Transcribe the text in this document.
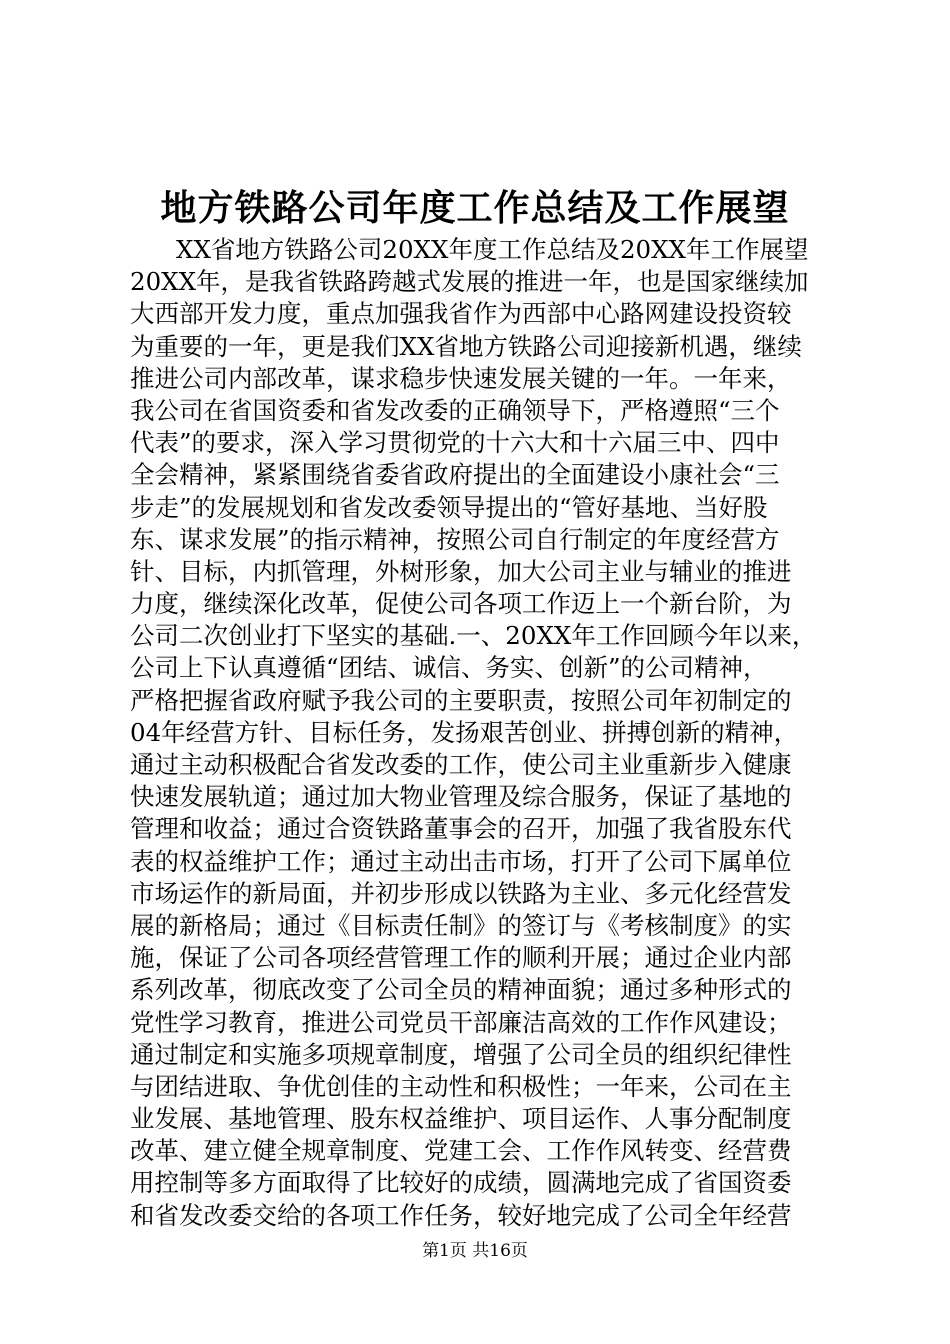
地方铁路公司年度工作总结及工作展望
XX省地方铁路公司20XX年度工作总结及20XX年工作展望
20XX年，是我省铁路跨越式发展的推进一年，也是国家继续加
大西部开发力度，重点加强我省作为西部中心路网建设投资较
为重要的一年，更是我们XX省地方铁路公司迎接新机遇，继续
推进公司内部改革，谋求稳步快速发展关键的一年。一年来，
我公司在省国资委和省发改委的正确领导下，严格遵照“三个
代表”的要求，深入学习贯彻党的十六大和十六届三中、四中
全会精神，紧紧围绕省委省政府提出的全面建设小康社会“三
步走”的发展规划和省发改委领导提出的“管好基地、当好股
东、谋求发展”的指示精神，按照公司自行制定的年度经营方
针、目标，内抓管理，外树形象，加大公司主业与辅业的推进
力度，继续深化改革，促使公司各项工作迈上一个新台阶，为
公司二次创业打下坚实的基础.一、20XX年工作回顾今年以来，
公司上下认真遵循“团结、诚信、务实、创新”的公司精神，
严格把握省政府赋予我公司的主要职责，按照公司年初制定的
04年经营方针、目标任务，发扬艰苦创业、拼搏创新的精神，
通过主动积极配合省发改委的工作，使公司主业重新步入健康
快速发展轨道；通过加大物业管理及综合服务，保证了基地的
管理和收益；通过合资铁路董事会的召开，加强了我省股东代
表的权益维护工作；通过主动出击市场，打开了公司下属单位
市场运作的新局面，并初步形成以铁路为主业、多元化经营发
展的新格局；通过《目标责任制》的签订与《考核制度》的实
施，保证了公司各项经营管理工作的顺利开展；通过企业内部
系列改革，彻底改变了公司全员的精神面貌；通过多种形式的
党性学习教育，推进公司党员干部廉洁高效的工作作风建设；
通过制定和实施多项规章制度，增强了公司全员的组织纪律性
与团结进取、争优创佳的主动性和积极性；一年来，公司在主
业发展、基地管理、股东权益维护、项目运作、人事分配制度
改革、建立健全规章制度、党建工会、工作作风转变、经营费
用控制等多方面取得了比较好的成绩，圆满地完成了省国资委
和省发改委交给的各项工作任务，较好地完成了公司全年经营
第1页 共16页
